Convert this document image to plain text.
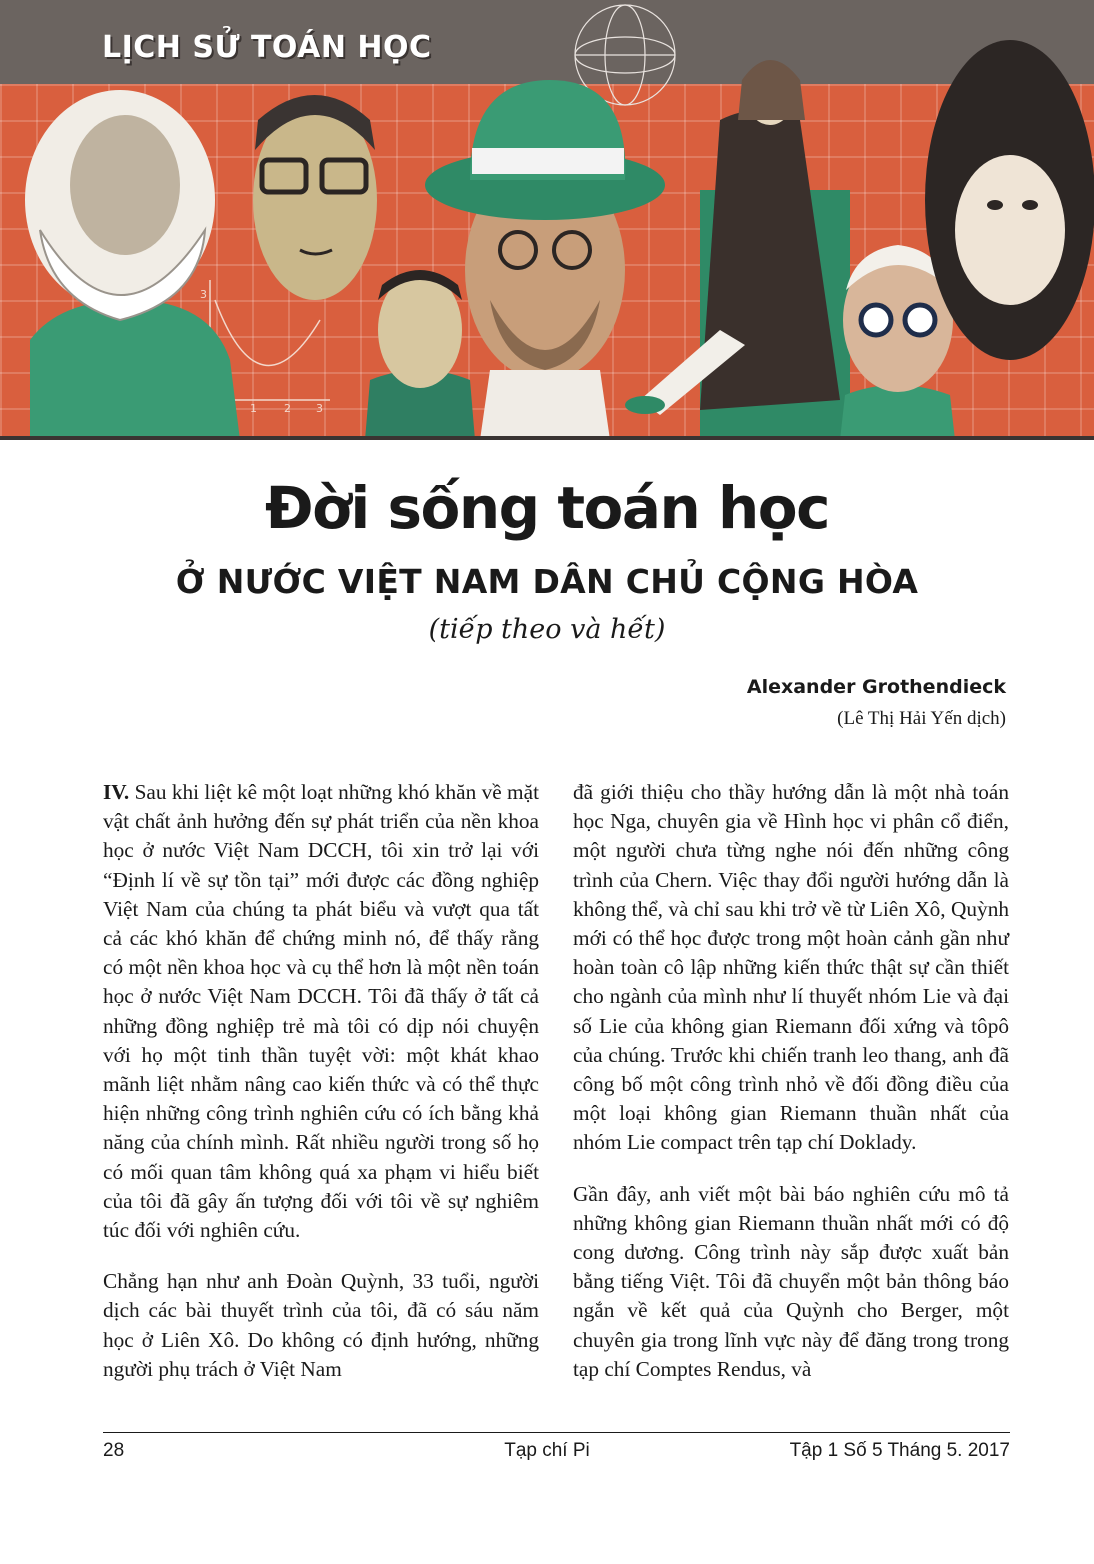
3
1 2 3
LỊCH SỬ TOÁN HỌC
Đời sống toán học
Ở NƯỚC VIỆT NAM DÂN CHỦ CỘNG HÒA
(tiếp theo và hết)
Alexander Grothendieck
(Lê Thị Hải Yến dịch)

IV. Sau khi liệt kê một loạt những khó khăn về mặt vật chất ảnh hưởng đến sự phát triển của nền khoa học ở nước Việt Nam DCCH, tôi xin trở lại với “Định lí về sự tồn tại” mới được các đồng nghiệp Việt Nam của chúng ta phát biểu và vượt qua tất cả các khó khăn để chứng minh nó, để thấy rằng có một nền khoa học và cụ thể hơn là một nền toán học ở nước Việt Nam DCCH. Tôi đã thấy ở tất cả những đồng nghiệp trẻ mà tôi có dịp nói chuyện với họ một tinh thần tuyệt vời: một khát khao mãnh liệt nhằm nâng cao kiến thức và có thể thực hiện những công trình nghiên cứu có ích bằng khả năng của chính mình. Rất nhiều người trong số họ có mối quan tâm không quá xa phạm vi hiểu biết của tôi đã gây ấn tượng đối với tôi về sự nghiêm túc đối với nghiên cứu.

Chẳng hạn như anh Đoàn Quỳnh, 33 tuổi, người dịch các bài thuyết trình của tôi, đã có sáu năm học ở Liên Xô. Do không có định hướng, những người phụ trách ở Việt Nam

đã giới thiệu cho thầy hướng dẫn là một nhà toán học Nga, chuyên gia về Hình học vi phân cổ điển, một người chưa từng nghe nói đến những công trình của Chern. Việc thay đổi người hướng dẫn là không thể, và chỉ sau khi trở về từ Liên Xô, Quỳnh mới có thể học được trong một hoàn cảnh gần như hoàn toàn cô lập những kiến thức thật sự cần thiết cho ngành của mình như lí thuyết nhóm Lie và đại số Lie của không gian Riemann đối xứng và tôpô của chúng. Trước khi chiến tranh leo thang, anh đã công bố một công trình nhỏ về đối đồng điều của một loại không gian Riemann thuần nhất của nhóm Lie compact trên tạp chí Doklady.

Gần đây, anh viết một bài báo nghiên cứu mô tả những không gian Riemann thuần nhất mới có độ cong dương. Công trình này sắp được xuất bản bằng tiếng Việt. Tôi đã chuyển một bản thông báo ngắn về kết quả của Quỳnh cho Berger, một chuyên gia trong lĩnh vực này để đăng trong trong tạp chí Comptes Rendus, và

28	Tạp chí Pi	Tập 1 Số 5 Tháng 5. 2017
